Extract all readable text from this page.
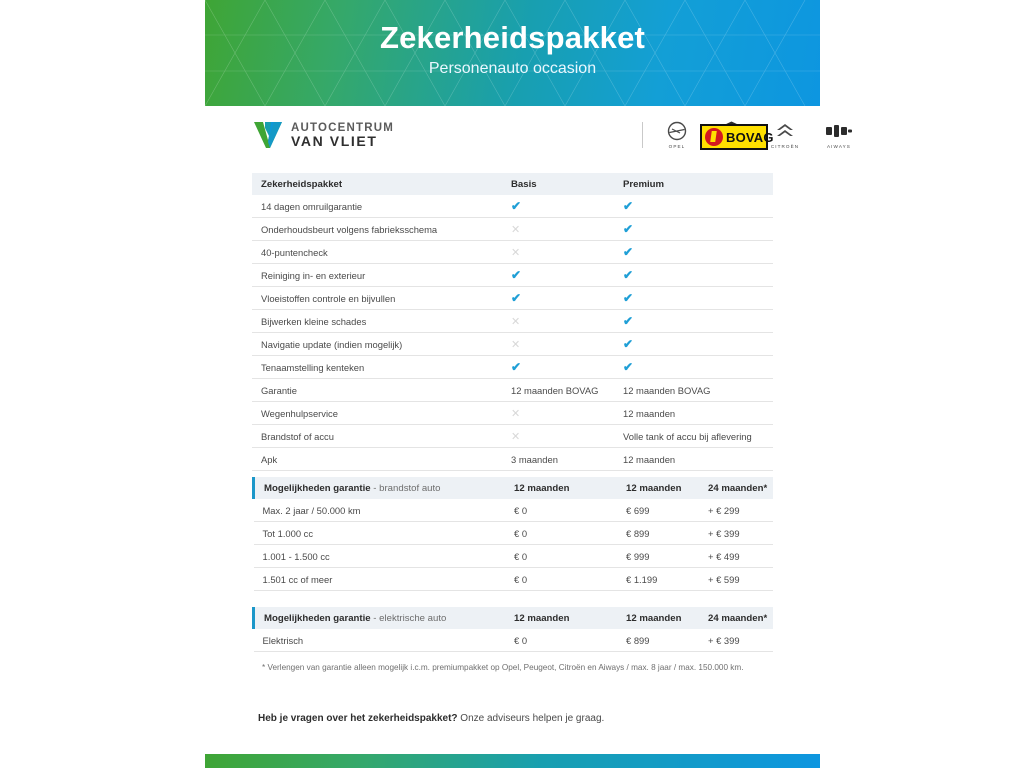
Zekerheidspakket
Personenauto occasion
AUTOCENTRUM
VAN VLIET	OPEL	CITROËN	AIWAYS
BOVAG
Zekerheidspakket	Basis	Premium
14 dagen omruilgarantie	✔	✔
Onderhoudsbeurt volgens fabrieksschema	✕	✔
40-puntencheck	✕	✔
Reiniging in- en exterieur	✔	✔
Vloeistoffen controle en bijvullen	✔	✔
Bijwerken kleine schades	✕	✔
Navigatie update (indien mogelijk)	✕	✔
Tenaamstelling kenteken	✔	✔
Garantie	12 maanden BOVAG	12 maanden BOVAG
Wegenhulpservice	✕	12 maanden
Brandstof of accu	✕	Volle tank of accu bij aflevering
Apk	3 maanden	12 maanden
Mogelijkheden garantie - brandstof auto	12 maanden	12 maanden	24 maanden*
Max. 2 jaar / 50.000 km	€ 0	€ 699	+ € 299
Tot 1.000 cc	€ 0	€ 899	+ € 399
1.001 - 1.500 cc	€ 0	€ 999	+ € 499
1.501 cc of meer	€ 0	€ 1.199	+ € 599
Mogelijkheden garantie - elektrische auto	12 maanden	12 maanden	24 maanden*
Elektrisch	€ 0	€ 899	+ € 399
* Verlengen van garantie alleen mogelijk i.c.m. premiumpakket op Opel, Peugeot, Citroën en Aiways / max. 8 jaar / max. 150.000 km.
Heb je vragen over het zekerheidspakket? Onze adviseurs helpen je graag.
